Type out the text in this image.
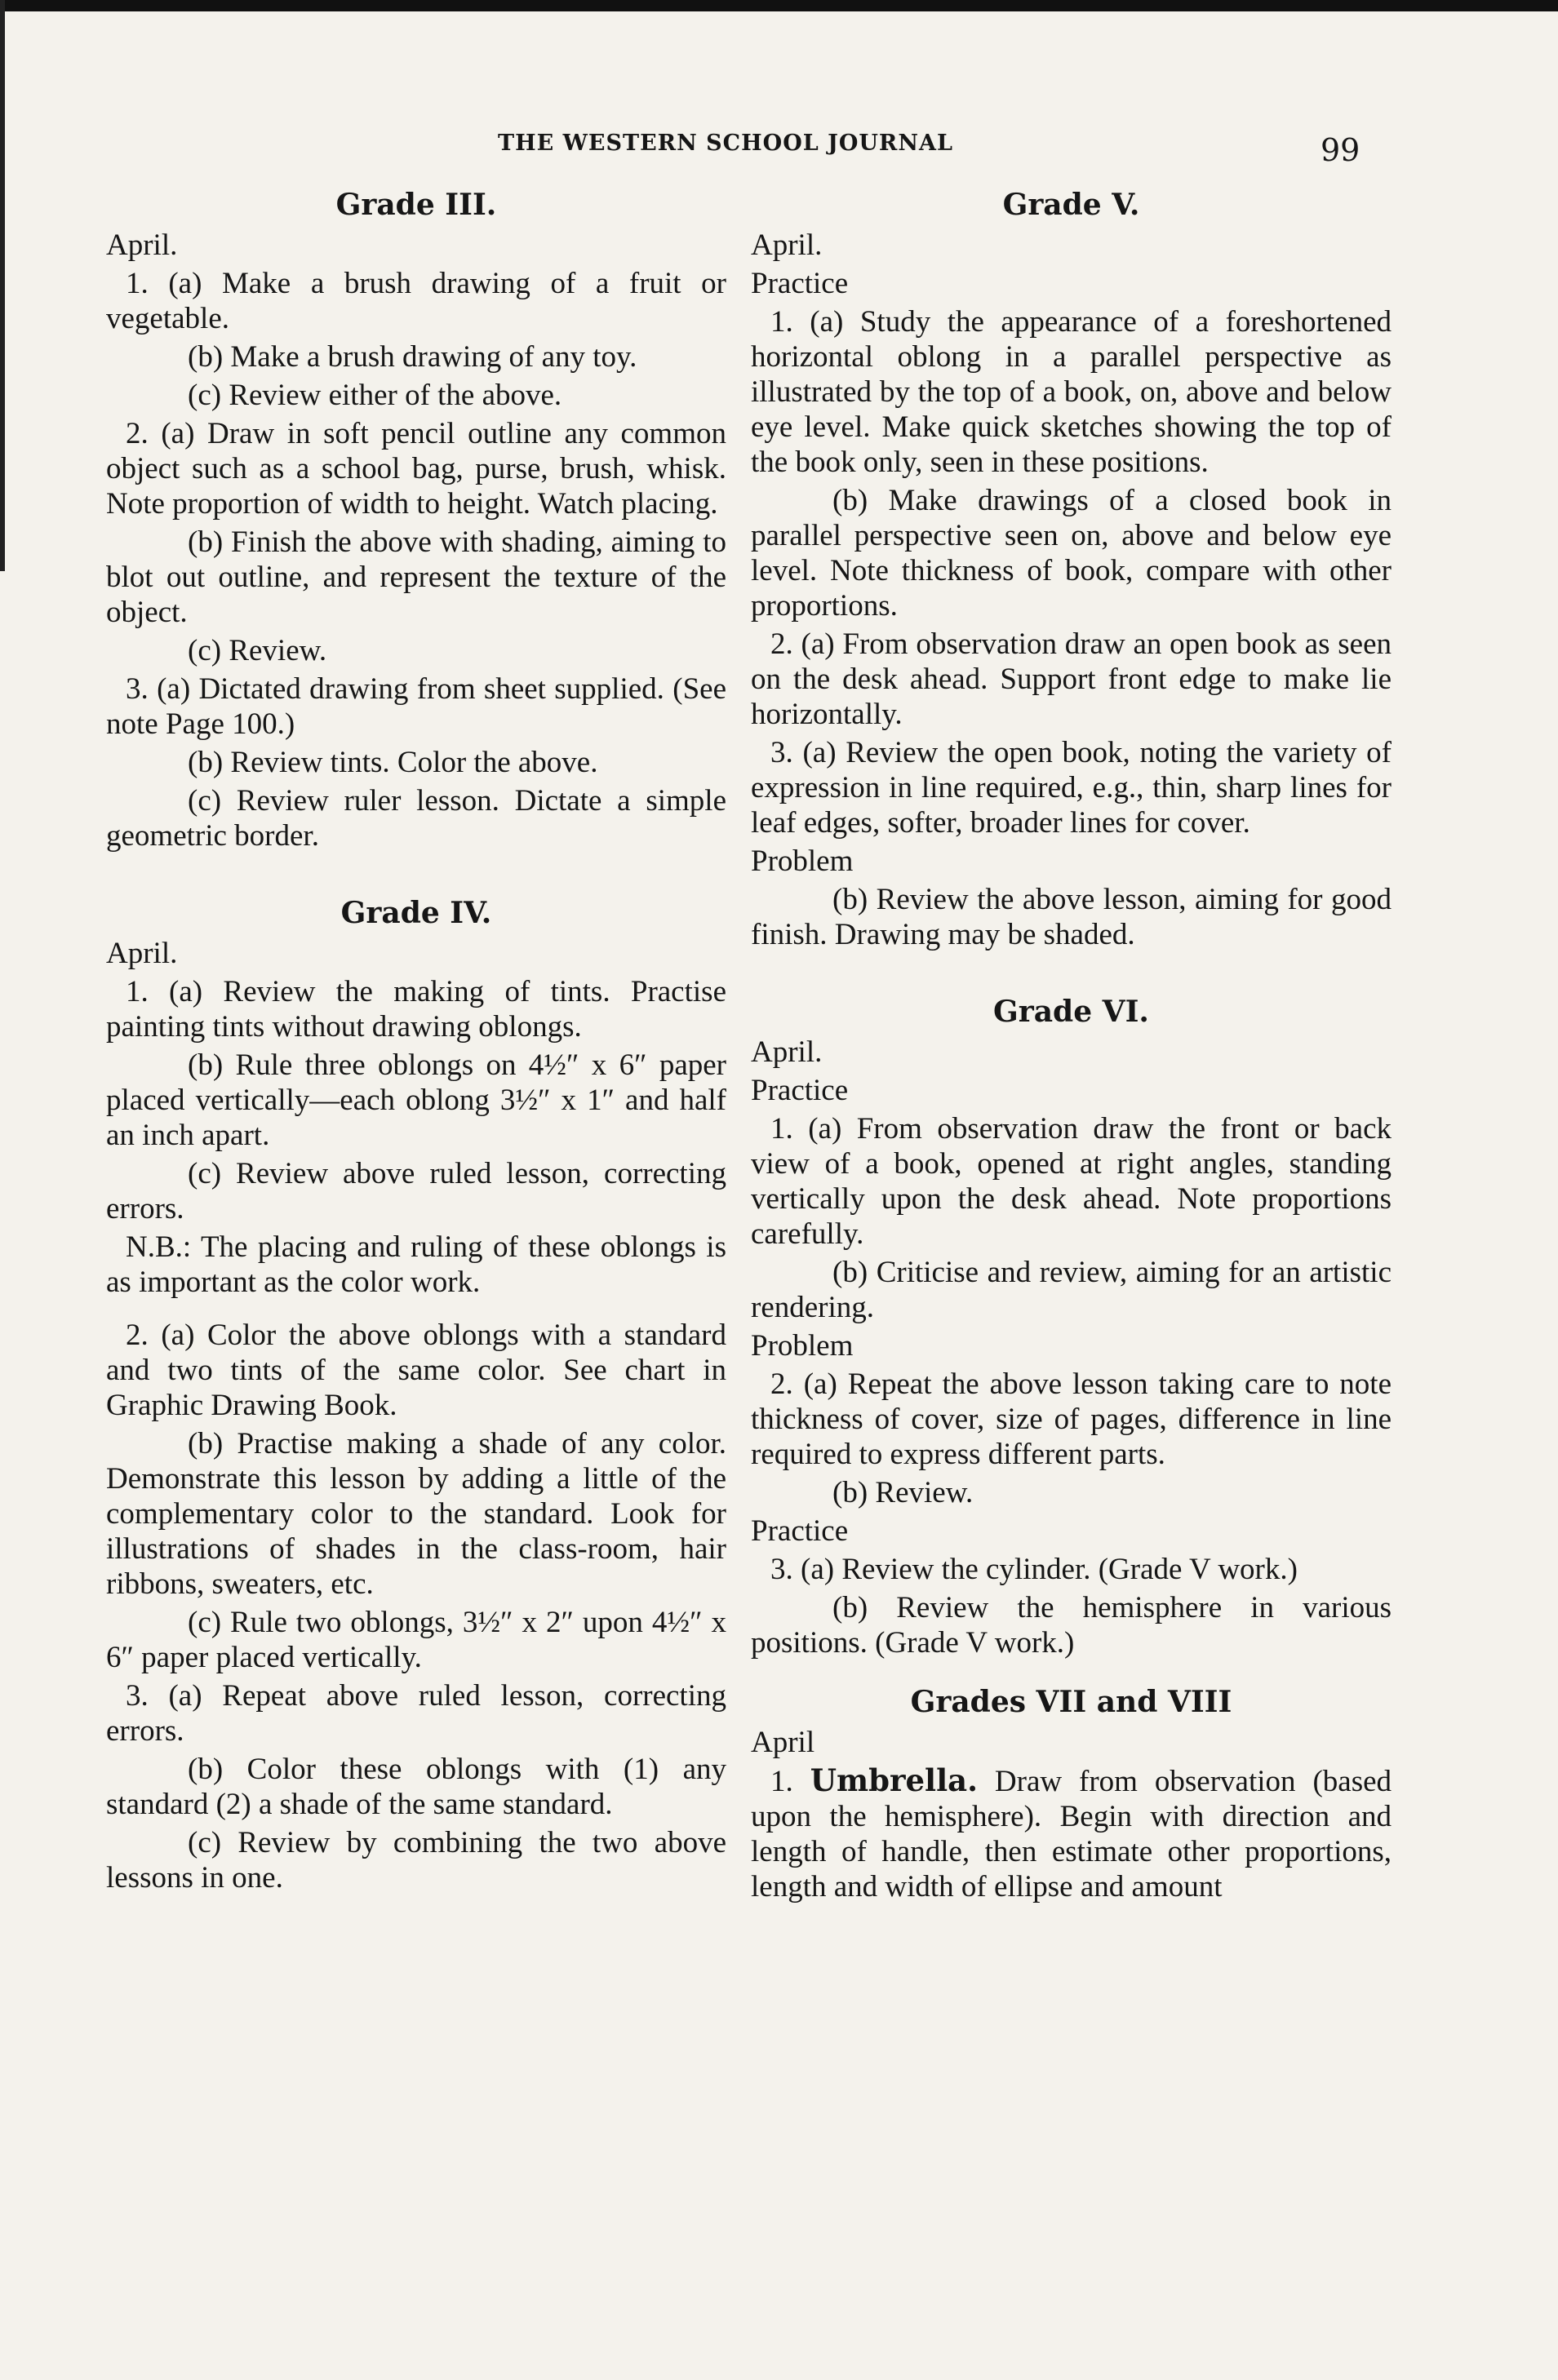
THE WESTERN SCHOOL JOURNAL	99
Grade III.
April.
1. (a) Make a brush drawing of a fruit or vegetable.
(b) Make a brush drawing of any toy.
(c) Review either of the above.
2. (a) Draw in soft pencil outline any common object such as a school bag, purse, brush, whisk. Note proportion of width to height. Watch placing.
(b) Finish the above with shading, aiming to blot out outline, and represent the texture of the object.
(c) Review.
3. (a) Dictated drawing from sheet supplied. (See note Page 100.)
(b) Review tints. Color the above.
(c) Review ruler lesson. Dictate a simple geometric border.
Grade IV.
April.
1. (a) Review the making of tints. Practise painting tints without drawing oblongs.
(b) Rule three oblongs on 4½″ x 6″ paper placed vertically—each oblong 3½″ x 1″ and half an inch apart.
(c) Review above ruled lesson, correcting errors.
N.B.: The placing and ruling of these oblongs is as important as the color work.
2. (a) Color the above oblongs with a standard and two tints of the same color. See chart in Graphic Drawing Book.
(b) Practise making a shade of any color. Demonstrate this lesson by adding a little of the complementary color to the standard. Look for illustrations of shades in the class-room, hair ribbons, sweaters, etc.
(c) Rule two oblongs, 3½″ x 2″ upon 4½″ x 6″ paper placed vertically.
3. (a) Repeat above ruled lesson, correcting errors.
(b) Color these oblongs with (1) any standard (2) a shade of the same standard.
(c) Review by combining the two above lessons in one.
Grade V.
April.
Practice
1. (a) Study the appearance of a foreshortened horizontal oblong in a parallel perspective as illustrated by the top of a book, on, above and below eye level. Make quick sketches showing the top of the book only, seen in these positions.
(b) Make drawings of a closed book in parallel perspective seen on, above and below eye level. Note thickness of book, compare with other proportions.
2. (a) From observation draw an open book as seen on the desk ahead. Support front edge to make lie horizontally.
3. (a) Review the open book, noting the variety of expression in line required, e.g., thin, sharp lines for leaf edges, softer, broader lines for cover.
Problem
(b) Review the above lesson, aiming for good finish. Drawing may be shaded.
Grade VI.
April.
Practice
1. (a) From observation draw the front or back view of a book, opened at right angles, standing vertically upon the desk ahead. Note proportions carefully.
(b) Criticise and review, aiming for an artistic rendering.
Problem
2. (a) Repeat the above lesson taking care to note thickness of cover, size of pages, difference in line required to express different parts.
(b) Review.
Practice
3. (a) Review the cylinder. (Grade V work.)
(b) Review the hemisphere in various positions. (Grade V work.)
Grades VII and VIII
April
1. Umbrella. Draw from observation (based upon the hemisphere). Begin with direction and length of handle, then estimate other proportions, length and width of ellipse and amount
